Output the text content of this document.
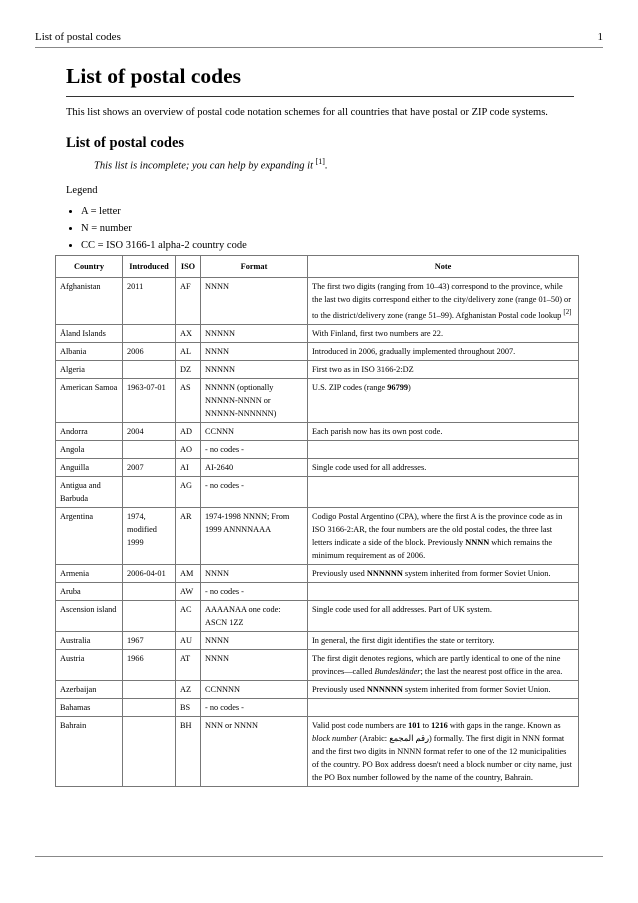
List of postal codes	1
List of postal codes

This list shows an overview of postal code notation schemes for all countries that have postal or ZIP code systems.

List of postal codes

This list is incomplete; you can help by expanding it [1].

Legend

• A = letter
• N = number
• CC = ISO 3166-1 alpha-2 country code
Country	Introduced	ISO	Format	Note
Afghanistan	2011	AF	NNNN	The first two digits (ranging from 10–43) correspond to the province, while the last two digits correspond either to the city/delivery zone (range 01–50) or to the district/delivery zone (range 51–99). Afghanistan Postal code lookup [2]
Åland Islands		AX	NNNNN	With Finland, first two numbers are 22.
Albania	2006	AL	NNNN	Introduced in 2006, gradually implemented throughout 2007.
Algeria		DZ	NNNNN	First two as in ISO 3166-2:DZ
American Samoa	1963-07-01	AS	NNNNN (optionally NNNNN-NNNN or NNNNN-NNNNNN)	U.S. ZIP codes (range 96799)
Andorra	2004	AD	CCNNN	Each parish now has its own post code.
Angola		AO	- no codes -	
Anguilla	2007	AI	AI-2640	Single code used for all addresses.
Antigua and Barbuda		AG	- no codes -	
Argentina	1974, modified 1999	AR	1974-1998 NNNN; From 1999 ANNNNAAA	Codigo Postal Argentino (CPA), where the first A is the province code as in ISO 3166-2:AR, the four numbers are the old postal codes, the three last letters indicate a side of the block. Previously NNNN which remains the minimum requirement as of 2006.
Armenia	2006-04-01	AM	NNNN	Previously used NNNNNN system inherited from former Soviet Union.
Aruba		AW	- no codes -	
Ascension island		AC	AAAANAA one code: ASCN 1ZZ	Single code used for all addresses. Part of UK system.
Australia	1967	AU	NNNN	In general, the first digit identifies the state or territory.
Austria	1966	AT	NNNN	The first digit denotes regions, which are partly identical to one of the nine provinces—called Bundesländer; the last the nearest post office in the area.
Azerbaijan		AZ	CCNNNN	Previously used NNNNNN system inherited from former Soviet Union.
Bahamas		BS	- no codes -	
Bahrain		BH	NNN or NNNN	Valid post code numbers are 101 to 1216 with gaps in the range. Known as block number (Arabic: رقم المجمع) formally. The first digit in NNN format and the first two digits in NNNN format refer to one of the 12 municipalities of the country. PO Box address doesn't need a block number or city name, just the PO Box number followed by the name of the country, Bahrain.
